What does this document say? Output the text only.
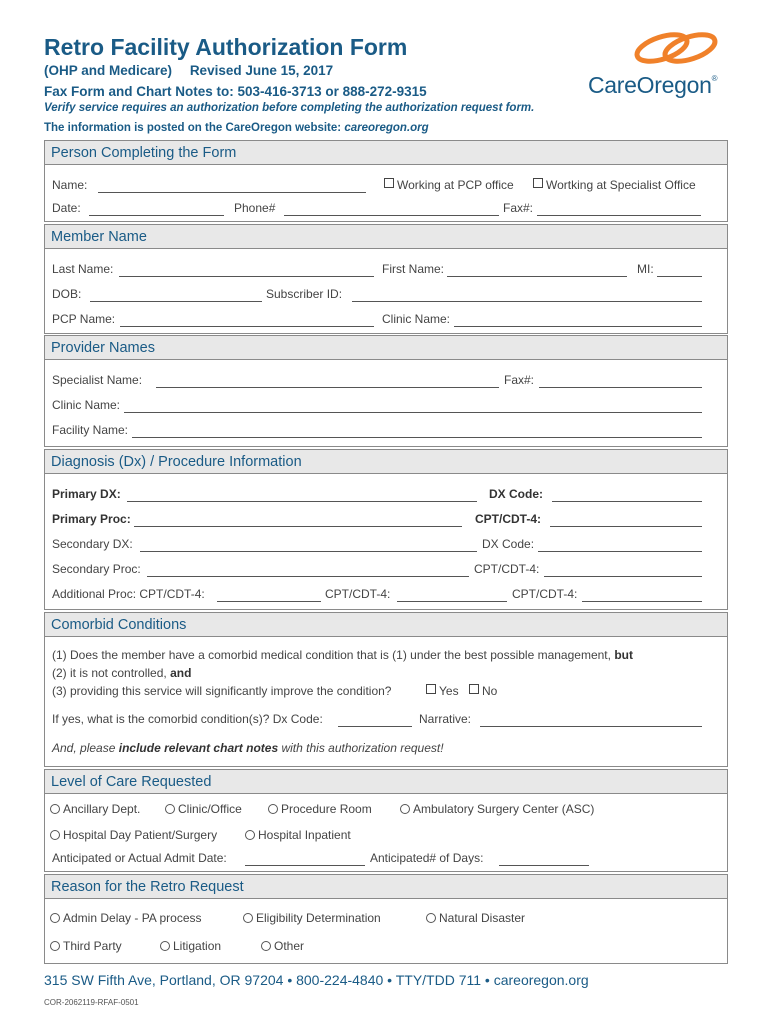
Retro Facility Authorization Form
(OHP and Medicare) Revised June 15, 2017
Fax Form and Chart Notes to: 503-416-3713 or 888-272-9315
Verify service requires an authorization before completing the authorization request form.
The information is posted on the CareOregon website: careoregon.org
CareOregon®
Person Completing the Form
Name:	Working at PCP office	Wortking at Specialist Office
Date:	Phone#	Fax#:
Member Name
Last Name:	First Name:	MI:
DOB:	Subscriber ID:
PCP Name:	Clinic Name:
Provider Names
Specialist Name:	Fax#:
Clinic Name:
Facility Name:
Diagnosis (Dx) / Procedure Information
Primary DX:	DX Code:
Primary Proc:	CPT/CDT-4:
Secondary DX:	DX Code:
Secondary Proc:	CPT/CDT-4:
Additional Proc: CPT/CDT-4:	CPT/CDT-4:	CPT/CDT-4:
Comorbid Conditions
(1) Does the member have a comorbid medical condition that is (1) under the best possible management, but
(2) it is not controlled, and
(3) providing this service will significantly improve the condition?	Yes	No
If yes, what is the comorbid condition(s)? Dx Code:	Narrative:
And, please include relevant chart notes with this authorization request!
Level of Care Requested
Ancillary Dept.	Clinic/Office	Procedure Room	Ambulatory Surgery Center (ASC)
Hospital Day Patient/Surgery	Hospital Inpatient
Anticipated or Actual Admit Date:	Anticipated# of Days:
Reason for the Retro Request
Admin Delay - PA process	Eligibility Determination	Natural Disaster
Third Party	Litigation	Other
315 SW Fifth Ave, Portland, OR 97204 • 800-224-4840 • TTY/TDD 711 • careoregon.org
COR-2062119-RFAF-0501
